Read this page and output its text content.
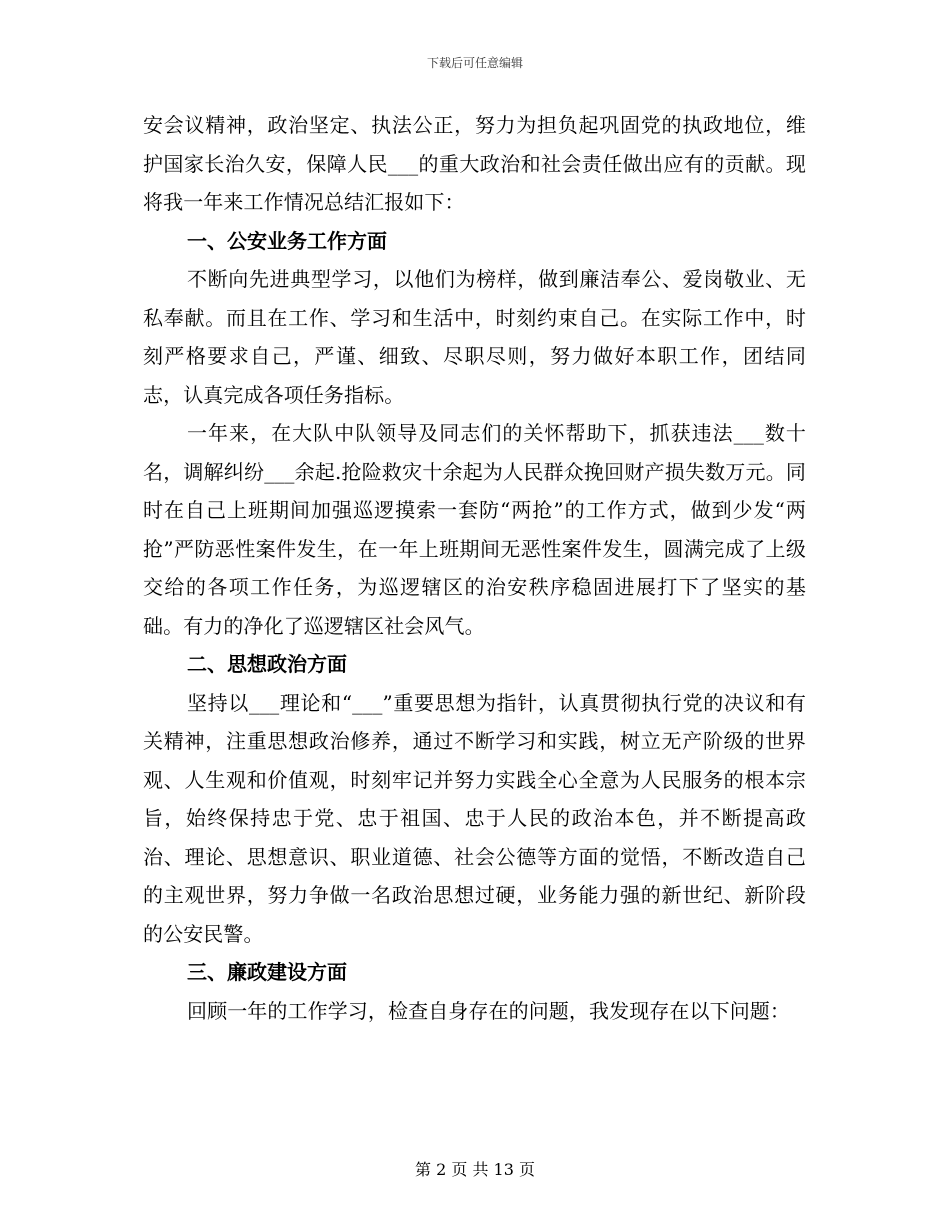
下载后可任意编辑

安会议精神，政治坚定、执法公正，努力为担负起巩固党的执政地位，维护国家长治久安，保障人民___的重大政治和社会责任做出应有的贡献。现将我一年来工作情况总结汇报如下：

一、公安业务工作方面

不断向先进典型学习，以他们为榜样，做到廉洁奉公、爱岗敬业、无私奉献。而且在工作、学习和生活中，时刻约束自己。在实际工作中，时刻严格要求自己，严谨、细致、尽职尽则，努力做好本职工作，团结同志，认真完成各项任务指标。

一年来，在大队中队领导及同志们的关怀帮助下，抓获违法___数十名，调解纠纷___余起.抢险救灾十余起为人民群众挽回财产损失数万元。同时在自己上班期间加强巡逻摸索一套防“两抢”的工作方式，做到少发“两抢”严防恶性案件发生，在一年上班期间无恶性案件发生，圆满完成了上级交给的各项工作任务，为巡逻辖区的治安秩序稳固进展打下了坚实的基础。有力的净化了巡逻辖区社会风气。

二、思想政治方面

坚持以___理论和“___”重要思想为指针，认真贯彻执行党的决议和有关精神，注重思想政治修养，通过不断学习和实践，树立无产阶级的世界观、人生观和价值观，时刻牢记并努力实践全心全意为人民服务的根本宗旨，始终保持忠于党、忠于祖国、忠于人民的政治本色，并不断提高政治、理论、思想意识、职业道德、社会公德等方面的觉悟，不断改造自己的主观世界，努力争做一名政治思想过硬，业务能力强的新世纪、新阶段的公安民警。

三、廉政建设方面

回顾一年的工作学习，检查自身存在的问题，我发现存在以下问题：

第 2 页 共 13 页
